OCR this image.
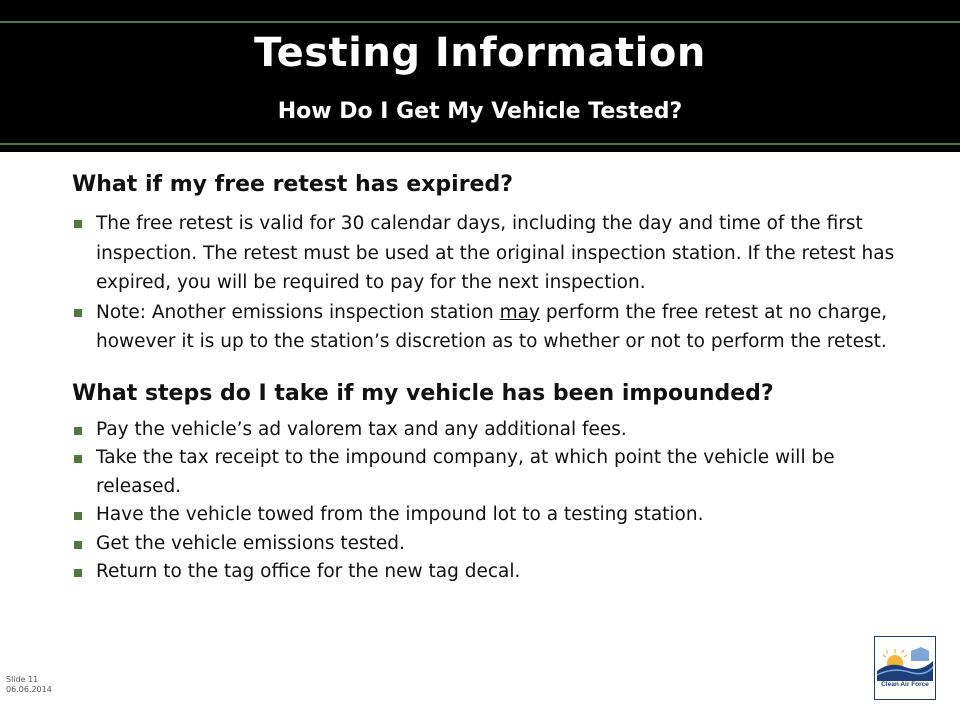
Testing Information
How Do I Get My Vehicle Tested?
What if my free retest has expired?
The free retest is valid for 30 calendar days, including the day and time of the first inspection. The retest must be used at the original inspection station. If the retest has expired, you will be required to pay for the next inspection.
Note: Another emissions inspection station may perform the free retest at no charge, however it is up to the station’s discretion as to whether or not to perform the retest.
What steps do I take if my vehicle has been impounded?
Pay the vehicle’s ad valorem tax and any additional fees.
Take the tax receipt to the impound company, at which point the vehicle will be released.
Have the vehicle towed from the impound lot to a testing station.
Get the vehicle emissions tested.
Return to the tag office for the new tag decal.
Slide 11
06.06.2014
Clean Air Force
